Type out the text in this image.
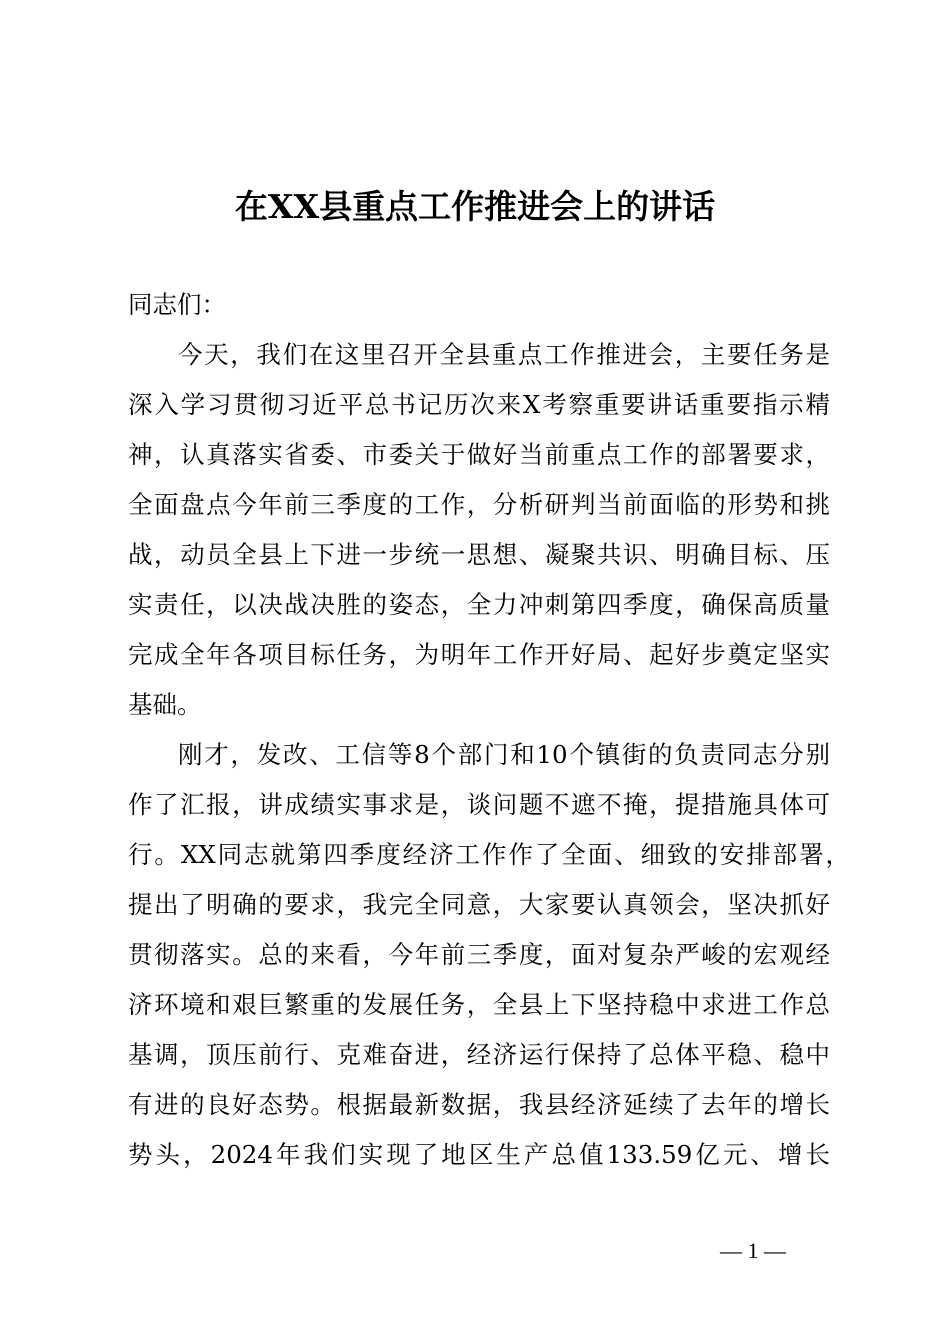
在XX县重点工作推进会上的讲话
同志们：
今天，我们在这里召开全县重点工作推进会，主要任务是
深入学习贯彻习近平总书记历次来X考察重要讲话重要指示精
神，认真落实省委、市委关于做好当前重点工作的部署要求，
全面盘点今年前三季度的工作，分析研判当前面临的形势和挑
战，动员全县上下进一步统一思想、凝聚共识、明确目标、压
实责任，以决战决胜的姿态，全力冲刺第四季度，确保高质量
完成全年各项目标任务，为明年工作开好局、起好步奠定坚实
基础。
刚才，发改、工信等8个部门和10个镇街的负责同志分别
作了汇报，讲成绩实事求是，谈问题不遮不掩，提措施具体可
行。XX同志就第四季度经济工作作了全面、细致的安排部署，
提出了明确的要求，我完全同意，大家要认真领会，坚决抓好
贯彻落实。总的来看，今年前三季度，面对复杂严峻的宏观经
济环境和艰巨繁重的发展任务，全县上下坚持稳中求进工作总
基调，顶压前行、克难奋进，经济运行保持了总体平稳、稳中
有进的良好态势。根据最新数据，我县经济延续了去年的增长
势头，2024年我们实现了地区生产总值133.59亿元、增长
— 1 —
